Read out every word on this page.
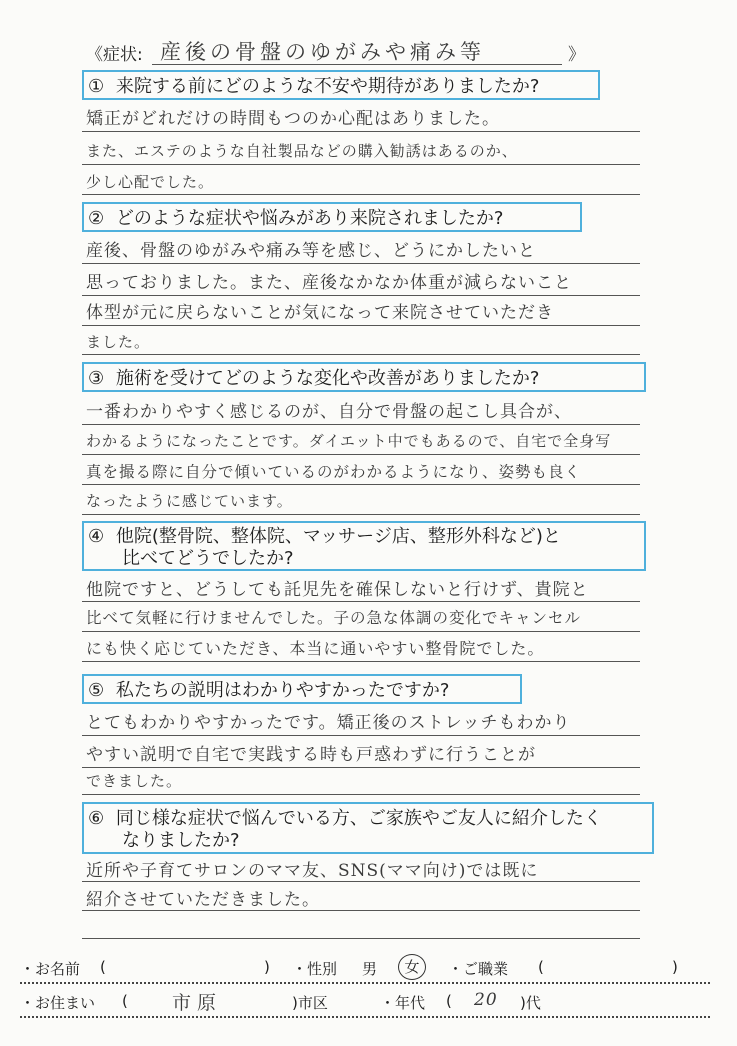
《症状: 産後の骨盤のゆがみや痛み等	》
① 来院する前にどのような不安や期待がありましたか?
矯正がどれだけの時間もつのか心配はありました。
また、エステのような自社製品などの購入勧誘はあるのか、
少し心配でした。
② どのような症状や悩みがあり来院されましたか?
産後、骨盤のゆがみや痛み等を感じ、どうにかしたいと
思っておりました。また、産後なかなか体重が減らないこと
体型が元に戻らないことが気になって来院させていただき
ました。
③ 施術を受けてどのような変化や改善がありましたか?
一番わかりやすく感じるのが、自分で骨盤の起こし具合が、
わかるようになったことです。ダイエット中でもあるので、自宅で全身写
真を撮る際に自分で傾いているのがわかるようになり、姿勢も良く
なったように感じています。
④ 他院(整骨院、整体院、マッサージ店、整形外科など)と
比べてどうでしたか?
他院ですと、どうしても託児先を確保しないと行けず、貴院と
比べて気軽に行けませんでした。子の急な体調の変化でキャンセル
にも快く応じていただき、本当に通いやすい整骨院でした。
⑤ 私たちの説明はわかりやすかったですか?
とてもわかりやすかったです。矯正後のストレッチもわかり
やすい説明で自宅で実践する時も戸惑わずに行うことが
できました。
⑥ 同じ様な症状で悩んでいる方、ご家族やご友人に紹介したく
なりましたか?
近所や子育てサロンのママ友、SNS(ママ向け)では既に
紹介させていただきました。
・お名前 (	) ・性別 男	女	・ご職業 (	)
・お住まい ( 市原	)市区	・年代 ( 20 )代
